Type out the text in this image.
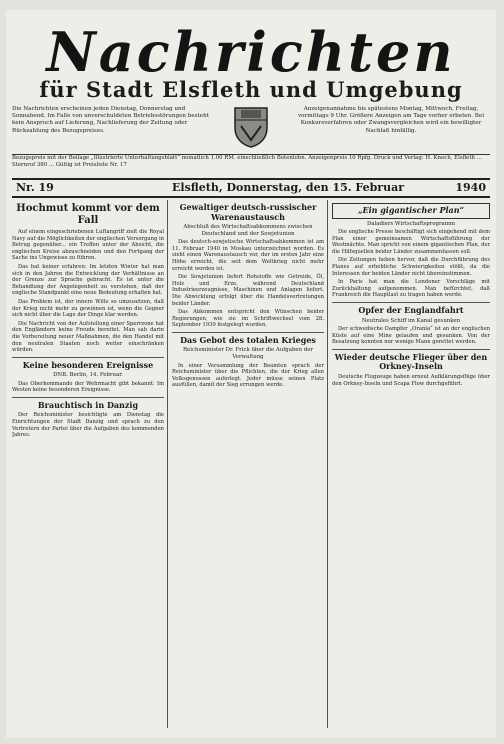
Nachrichten
für Stadt Elsfleth und Umgebung
Die Nachrichten erscheinen jeden Dienstag, Donnerstag und Sonnabend. Im Falle von unverschuldeten Betriebsstörungen besteht kein Anspruch auf Lieferung, Nachlieferung der Zeitung oder Rückzahlung des Bezugspreises.
Anzeigenannahme bis spätestens Montag, Mittwoch, Freitag, vormittags 9 Uhr. Größere Anzeigen am Tage vorher erbeten. Bei Konkursverfahren oder Zwangsvergleichen wird ein bewilligter Nachlaß hinfällig.
Bezugspreis mit der Beilage „Illustrierte Unterhaltungsblatt“ monatlich 1.00 RM. einschließlich Botenlohn. Anzeigenpreis 10 Rpfg. Druck und Verlag: H. Knoch, Elsfleth ... Sternruf 380 ... Gültig ist Preisliste Nr. 17
Nr. 19	Elsfleth, Donnerstag, den 15. Februar	1940
Hochmut kommt vor dem Fall

Auf einem eingeschriebenen Luftangriff zielt die Royal Navy auf die Möglichkeiten der englischen Versorgung in Betrug gegenüber... ein Treffen unter der Absicht, die englischen Kreise abzuschneiden und den Fortgang der Sache ins Ungewisse zu führen.

Das hat keiner erfahren: Im letzten Winter hat man sich in den Jahren die Entwicklung der Verhältnisse an der Grenze zur Sprache gebracht. Es ist unter die Behandlung der Angelegenheit zu verstehen, daß der englische Standpunkt eine neue Bedeutung erhalten hat.

Das Problem ist, der innere Wille so umzusetzen, daß der Krieg nicht mehr zu gewinnen ist, wenn die Gegner sich nicht über die Lage der Dinge klar werden.

Die Nachricht von der Aufstellung einer Sperrzone hat den Engländern keine Freude bereitet. Man sah darin die Vorbereitung neuer Maßnahmen, die den Handel mit den neutralen Staaten noch weiter einschränken würden.

Keine besonderen Ereignisse
DNB. Berlin, 14. Februar.

Das Oberkommando der Wehrmacht gibt bekannt: Im Westen keine besonderen Ereignisse.

Brauchtisch in Danzig

Der Reichsminister besichtigte am Dienstag die Einrichtungen der Stadt Danzig und sprach zu den Vertretern der Partei über die Aufgaben des kommenden Jahres.

Gewaltiger deutsch-russischer Warenaustausch
Abschluß des Wirtschaftsabkommens zwischen Deutschland und der Sowjetunion

Das deutsch-sowjetische Wirtschaftsabkommen ist am 11. Februar 1940 in Moskau unterzeichnet worden. Es sieht einen Warenaustausch vor, der im ersten Jahr eine Höhe erreicht, die seit dem Weltkrieg nicht mehr erreicht worden ist.

Die Sowjetunion liefert Rohstoffe wie Getreide, Öl, Holz und Erze, während Deutschland Industrieerzeugnisse, Maschinen und Anlagen liefert. Die Abwicklung erfolgt über die Handelsvertretungen beider Länder.

Das Abkommen entspricht den Wünschen beider Regierungen, wie sie im Schriftwechsel vom 28. September 1939 festgelegt wurden.

Das Gebot des totalen Krieges
Reichsminister Dr. Frick über die Aufgaben der Verwaltung

In einer Versammlung der Beamten sprach der Reichsminister über die Pflichten, die der Krieg allen Volksgenossen auferlegt. Jeder müsse seinen Platz ausfüllen, damit der Sieg errungen werde.

„Ein gigantischer Plan“
Daladiers Wirtschaftsprogramm

Die englische Presse beschäftigt sich eingehend mit dem Plan einer gemeinsamen Wirtschaftsführung der Westmächte. Man spricht von einem gigantischen Plan, der die Hilfsquellen beider Länder zusammenfassen soll.

Die Zeitungen heben hervor, daß die Durchführung des Planes auf erhebliche Schwierigkeiten stößt, da die Interessen der beiden Länder nicht übereinstimmen.

In Paris hat man die Londoner Vorschläge mit Zurückhaltung aufgenommen. Man befürchtet, daß Frankreich die Hauptlast zu tragen haben werde.

Opfer der Englandfahrt
Neutrales Schiff im Kanal gesunken

Der schwedische Dampfer „Orania“ ist an der englischen Küste auf eine Mine gelaufen und gesunken. Von der Besatzung konnten nur wenige Mann gerettet werden.

Wieder deutsche Flieger über den Orkney-Inseln

Deutsche Flugzeuge haben erneut Aufklärungsflüge über den Orkney-Inseln und Scapa Flow durchgeführt.
